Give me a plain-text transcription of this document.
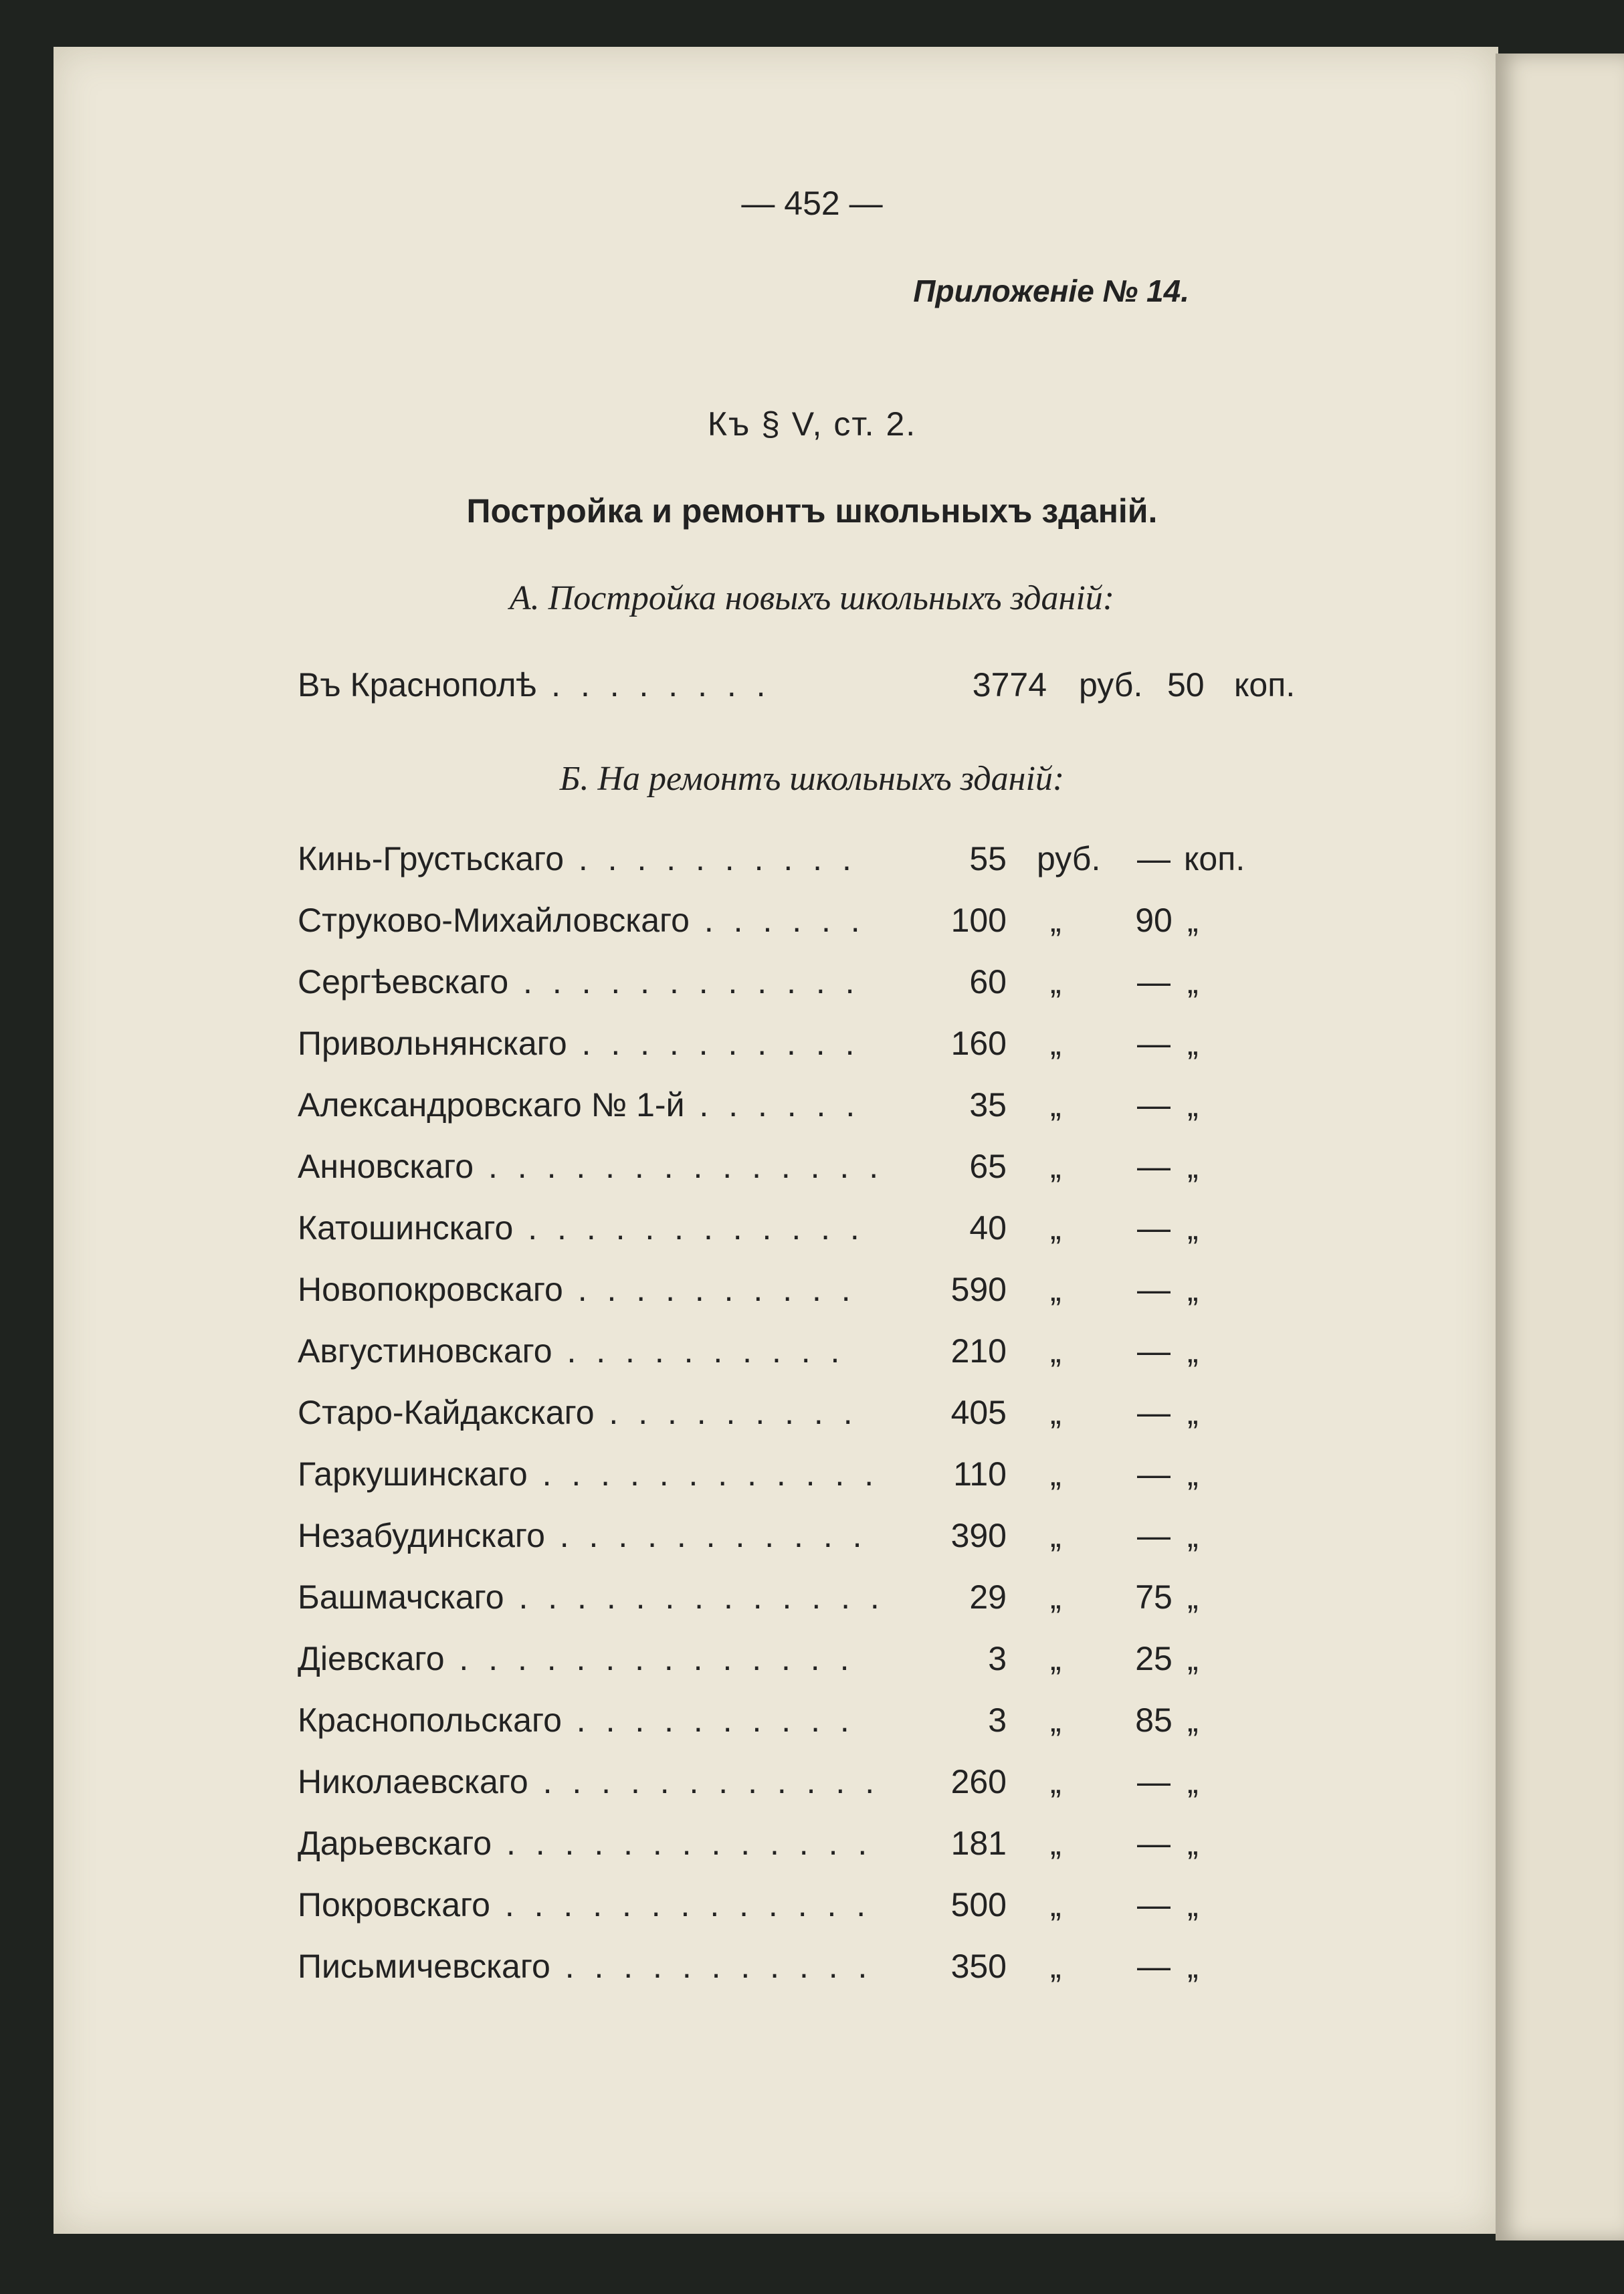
— 452 —
Приложеніе № 14.
Къ § V, ст. 2.
Постройка и ремонтъ школьныхъ зданій.
А. Постройка новыхъ школьныхъ зданій:
Въ Краснополѣ . . . . . . . .	3774 руб. 50 коп.
Б. На ремонтъ школьныхъ зданій:
Кинь-Грустьскаго . . . . . . . . . .	55 руб.	— коп.
Струково-Михайловскаго . . . . . .	100 „	90 „
Сергѣевскаго . . . . . . . . . . . .	60 „	— „
Привольнянскаго . . . . . . . . . .	160 „	— „
Александровскаго № 1-й . . . . . .	35 „	— „
Анновскаго . . . . . . . . . . . . . .	65 „	— „
Катошинскаго . . . . . . . . . . . .	40 „	— „
Новопокровскаго . . . . . . . . . .	590 „	— „
Августиновскаго . . . . . . . . . .	210 „	— „
Старо-Кайдакскаго . . . . . . . . .	405 „	— „
Гаркушинскаго . . . . . . . . . . . . 110 „	— „
Незабудинскаго . . . . . . . . . . .	390 „	— „
Башмачскаго . . . . . . . . . . . . .	29 „	75 „
Діевскаго . . . . . . . . . . . . . .	3 „	25 „
Краснопольскаго . . . . . . . . . .	3 „	85 „
Николаевскаго . . . . . . . . . . . . 260 „	— „
Дарьевскаго . . . . . . . . . . . . . 181 „	— „
Покровскаго . . . . . . . . . . . . . 500 „	— „
Письмичевскаго . . . . . . . . . . . 350 „	— „
